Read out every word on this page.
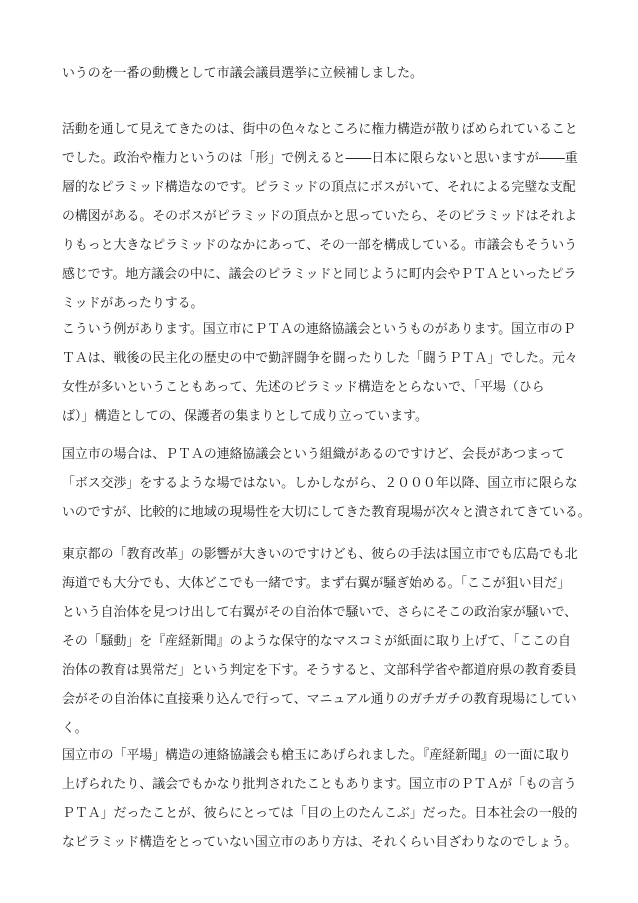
いうのを一番の動機として市議会議員選挙に立候補しました。
活動を通して見えてきたのは、街中の色々なところに権力構造が散りばめられていること
でした。政治や権力というのは「形」で例えると――日本に限らないと思いますが――重
層的なピラミッド構造なのです。ピラミッドの頂点にボスがいて、それによる完璧な支配
の構図がある。そのボスがピラミッドの頂点かと思っていたら、そのピラミッドはそれよ
りもっと大きなピラミッドのなかにあって、その一部を構成している。市議会もそういう
感じです。地方議会の中に、議会のピラミッドと同じように町内会やＰＴＡといったピラ
ミッドがあったりする。
こういう例があります。国立市にＰＴＡの連絡協議会というものがあります。国立市のＰ
ＴＡは、戦後の民主化の歴史の中で勤評闘争を闘ったりした「闘うＰＴＡ」でした。元々
女性が多いということもあって、先述のピラミッド構造をとらないで、「平場（ひら
ば）」構造としての、保護者の集まりとして成り立っています。
国立市の場合は、ＰＴＡの連絡協議会という組織があるのですけど、会長があつまって
「ボス交渉」をするような場ではない。しかしながら、２０００年以降、国立市に限らな
いのですが、比較的に地域の現場性を大切にしてきた教育現場が次々と潰されてきている。
東京都の「教育改革」の影響が大きいのですけども、彼らの手法は国立市でも広島でも北
海道でも大分でも、大体どこでも一緒です。まず右翼が騒ぎ始める。「ここが狙い目だ」
という自治体を見つけ出して右翼がその自治体で騒いで、さらにそこの政治家が騒いで、
その「騒動」を『産経新聞』のような保守的なマスコミが紙面に取り上げて、「ここの自
治体の教育は異常だ」という判定を下す。そうすると、文部科学省や都道府県の教育委員
会がその自治体に直接乗り込んで行って、マニュアル通りのガチガチの教育現場にしてい
く。
国立市の「平場」構造の連絡協議会も槍玉にあげられました。『産経新聞』の一面に取り
上げられたり、議会でもかなり批判されたこともあります。国立市のＰＴＡが「もの言う
ＰＴＡ」だったことが、彼らにとっては「目の上のたんこぶ」だった。日本社会の一般的
なピラミッド構造をとっていない国立市のあり方は、それくらい目ざわりなのでしょう。
